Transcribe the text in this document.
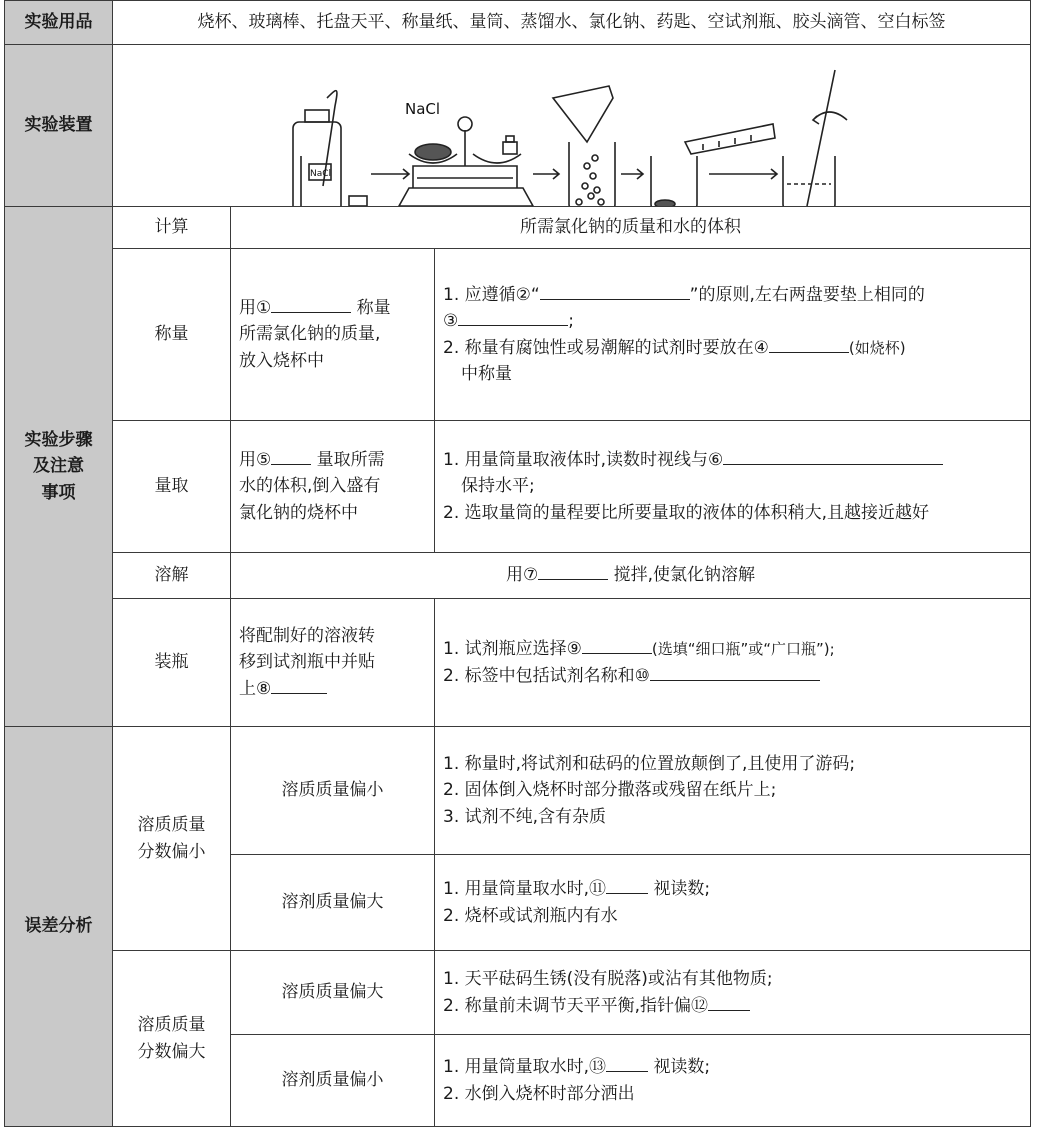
实验用品	烧杯、玻璃棒、托盘天平、称量纸、量筒、蒸馏水、氯化钠、药匙、空试剂瓶、胶头滴管、空白标签		
实验装置	NaCl
NaCl		

实验步骤
及注意
事项	计算	所需氯化钠的质量和水的体积	
	称量	用① 称量
所需氯化钠的质量,
放入烧杯中	1. 应遵循②“ ”的原则,左右两盘要垫上相同的
③ ;
2. 称量有腐蚀性或易潮解的试剂时要放在④ (如烧杯)
中称量

	量取	用⑤ 量取所需
水的体积,倒入盛有
氯化钠的烧杯中	1. 用量筒量取液体时,读数时视线与⑥
保持水平;
2. 选取量筒的量程要比所要量取的液体的体积稍大,且越接近越好

	溶解	用⑦ 搅拌,使氯化钠溶解	
	装瓶	将配制好的溶液转
移到试剂瓶中并贴
上⑧	1. 试剂瓶应选择⑨ (选填“细口瓶”或“广口瓶”);
2. 标签中包括试剂名称和⑩

误差分析	溶质质量
分数偏小	溶质质量偏小	1. 称量时,将试剂和砝码的位置放颠倒了,且使用了游码;
2. 固体倒入烧杯时部分撒落或残留在纸片上;
3. 试剂不纯,含有杂质

		溶剂质量偏大	1. 用量筒量取水时,⑪ 视读数;
2. 烧杯或试剂瓶内有水

	溶质质量
分数偏大	溶质质量偏大	1. 天平砝码生锈(没有脱落)或沾有其他物质;
2. 称量前未调节天平平衡,指针偏⑫

		溶剂质量偏小	1. 用量筒量取水时,⑬ 视读数;
2. 水倒入烧杯时部分洒出
